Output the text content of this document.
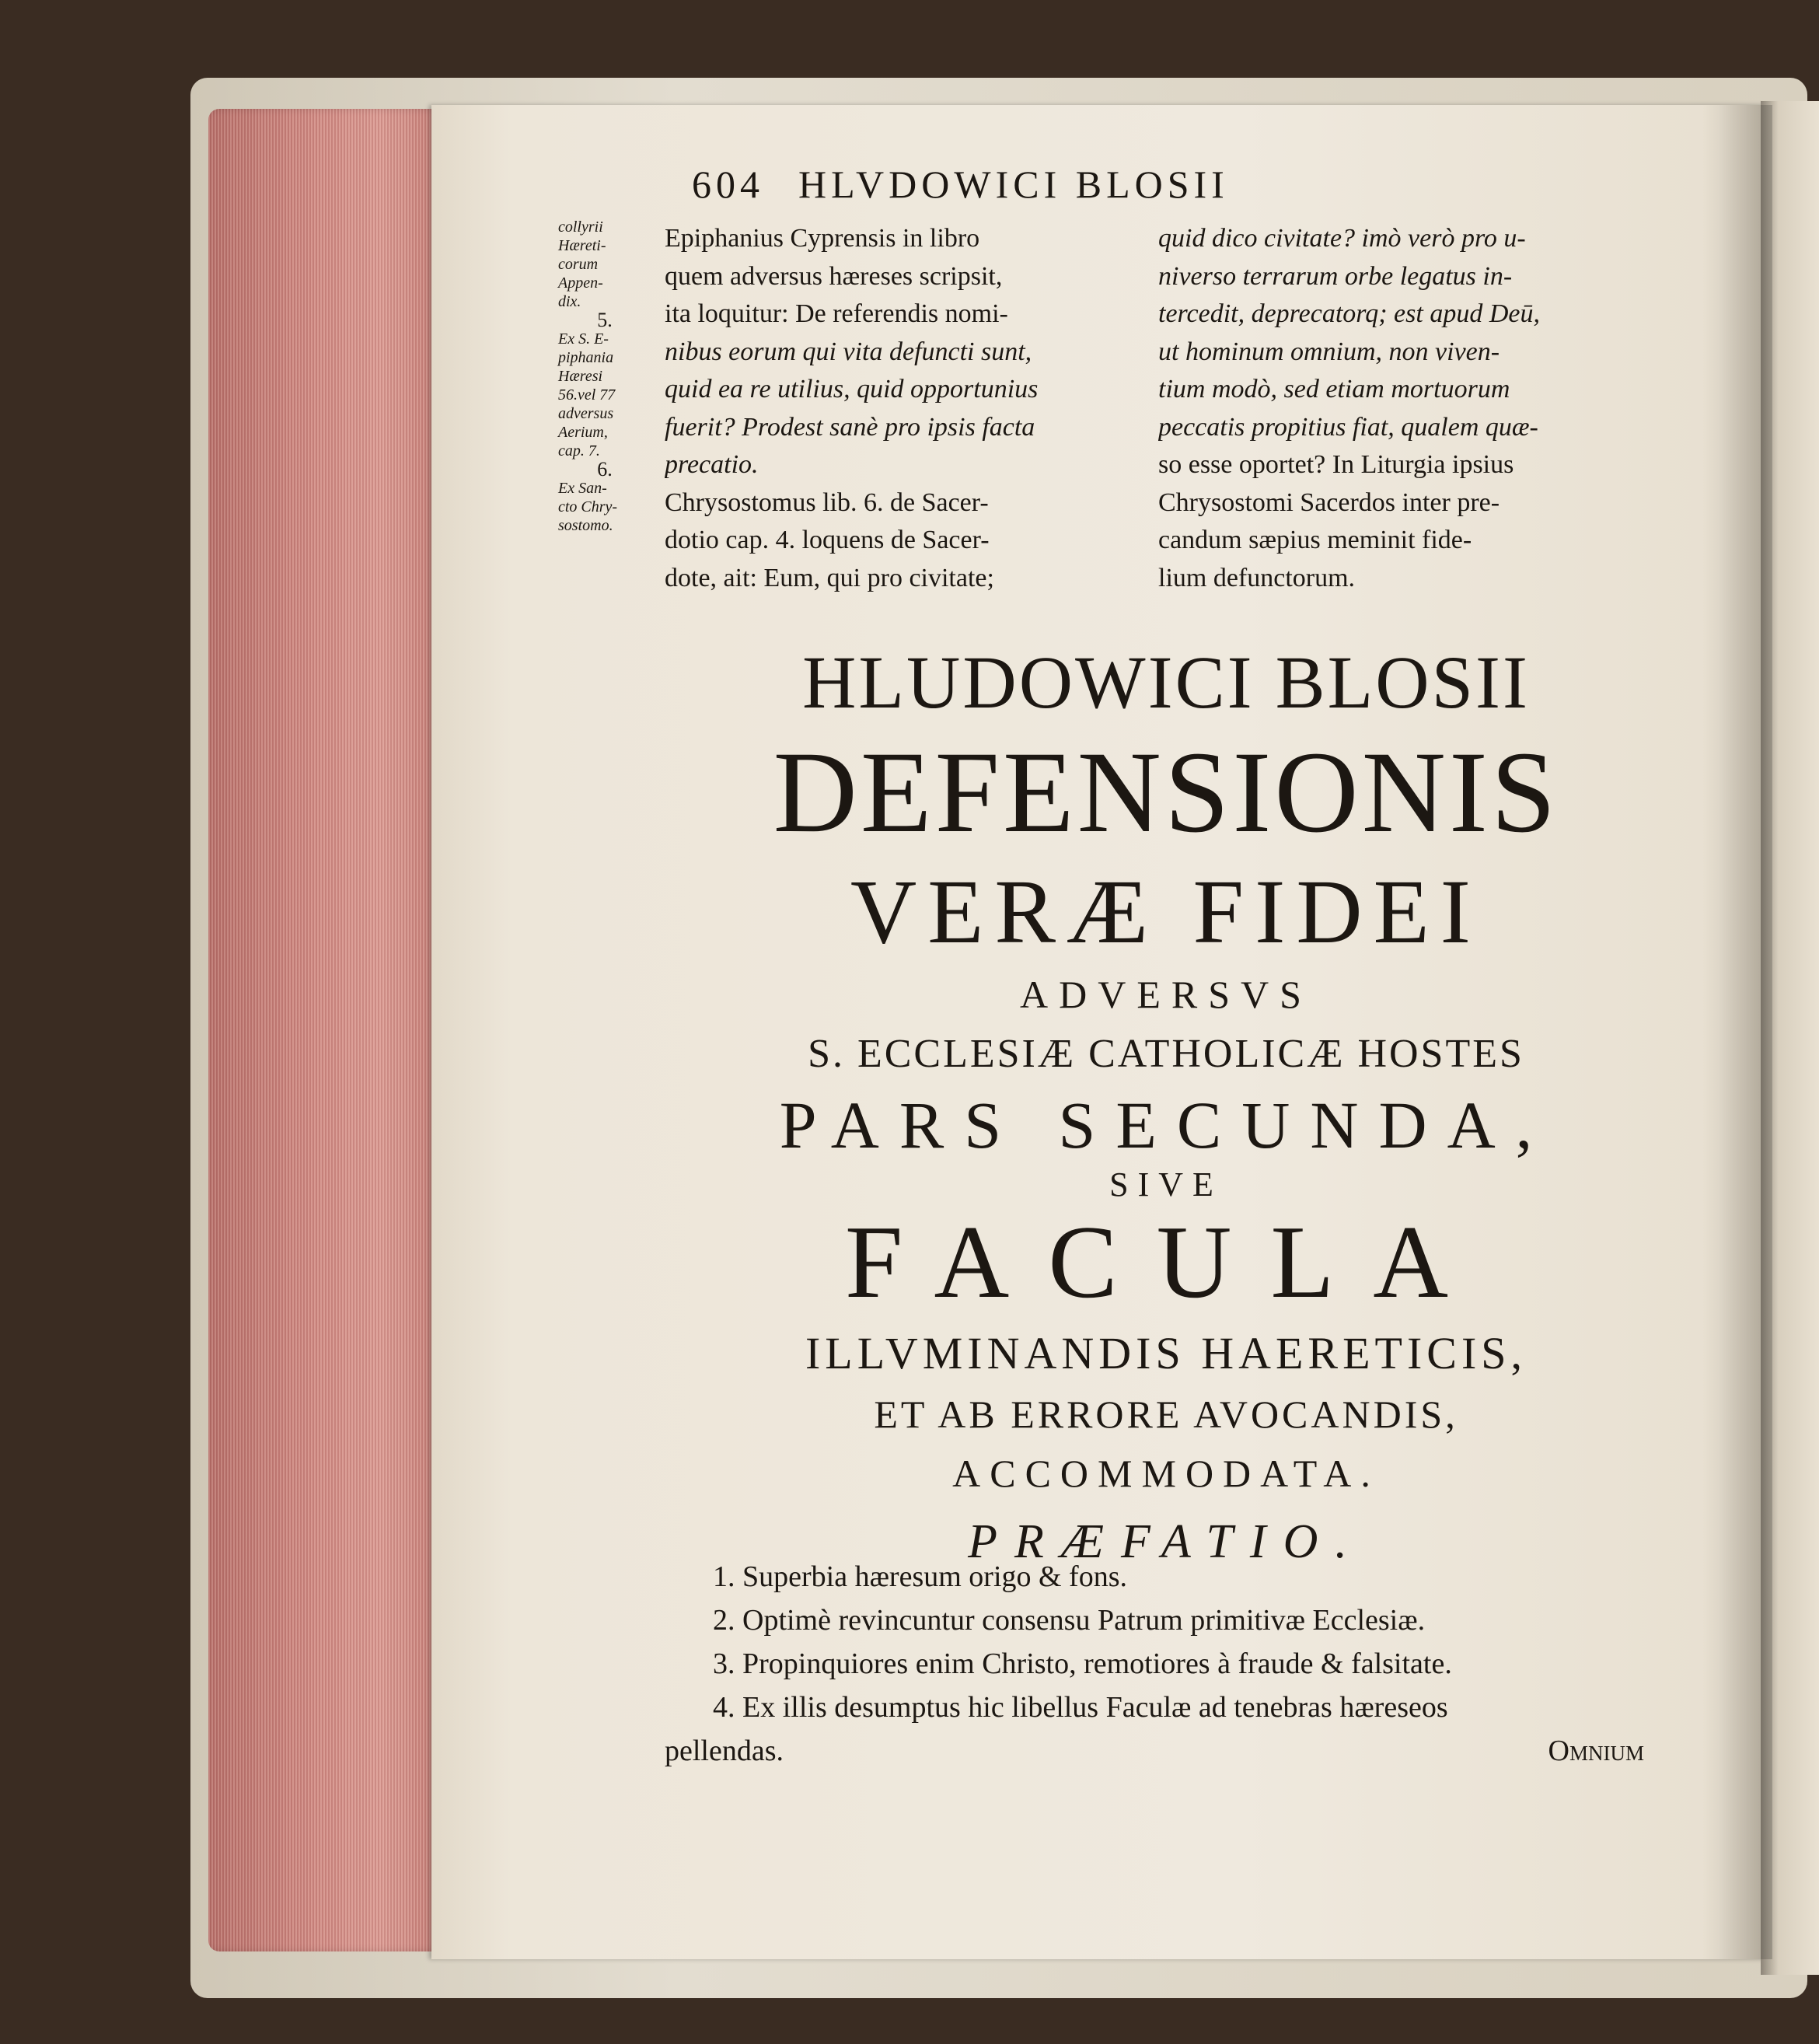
604 HLVDOWICI BLOSII
collyrii
Hæreti-
corum
Appen-
dix.
5.
Ex S. E-
piphania
Hæresi
56.vel 77
adversus
Aerium,
cap. 7.
6.
Ex San-
cto Chry-
sostomo.
Epiphanius Cyprensis in libro
quem adversus hæreses scripsit,
ita loquitur: De referendis nomi-
nibus eorum qui vita defuncti sunt,
quid ea re utilius, quid opportunius
fuerit? Prodest sanè pro ipsis facta
precatio.
Chrysostomus lib. 6. de Sacer-
dotio cap. 4. loquens de Sacer-
dote, ait: Eum, qui pro civitate;
quid dico civitate? imò verò pro u-
niverso terrarum orbe legatus in-
tercedit, deprecatorq; est apud Deū,
ut hominum omnium, non viven-
tium modò, sed etiam mortuorum
peccatis propitius fiat, qualem quæ-
so esse oportet? In Liturgia ipsius
Chrysostomi Sacerdos inter pre-
candum sæpius meminit fide-
lium defunctorum.
HLUDOWICI BLOSII
DEFENSIONIS
VERÆ FIDEI
ADVERSVS
S. ECCLESIÆ CATHOLICÆ HOSTES
PARS SECUNDA,
SIVE
FACULA
ILLVMINANDIS HAERETICIS,
ET AB ERRORE AVOCANDIS,
ACCOMMODATA.
PRÆFATIO.
1. Superbia hæresum origo & fons.
2. Optimè revincuntur consensu Patrum primitivæ Ecclesiæ.
3. Propinquiores enim Christo, remotiores à fraude & falsitate.
4. Ex illis desumptus hic libellus Faculæ ad tenebras hæreseos
pellendas.	Omnium
